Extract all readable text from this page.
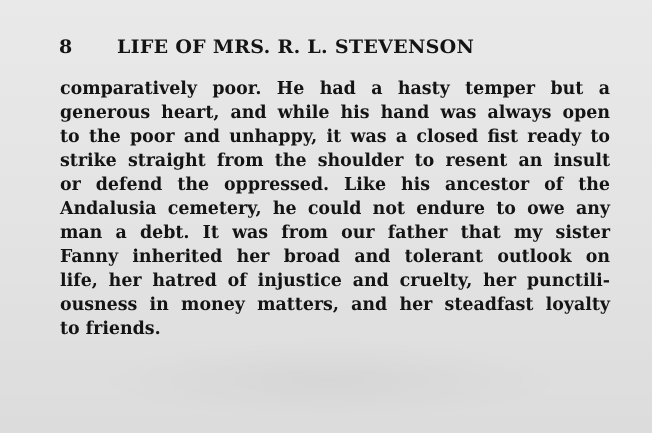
8 LIFE OF MRS. R. L. STEVENSON
comparatively poor. He had a hasty temper but a
generous heart, and while his hand was always open
to the poor and unhappy, it was a closed fist ready to
strike straight from the shoulder to resent an insult
or defend the oppressed. Like his ancestor of the
Andalusia cemetery, he could not endure to owe any
man a debt. It was from our father that my sister
Fanny inherited her broad and tolerant outlook on
life, her hatred of injustice and cruelty, her punctili-
ousness in money matters, and her steadfast loyalty
to friends.
